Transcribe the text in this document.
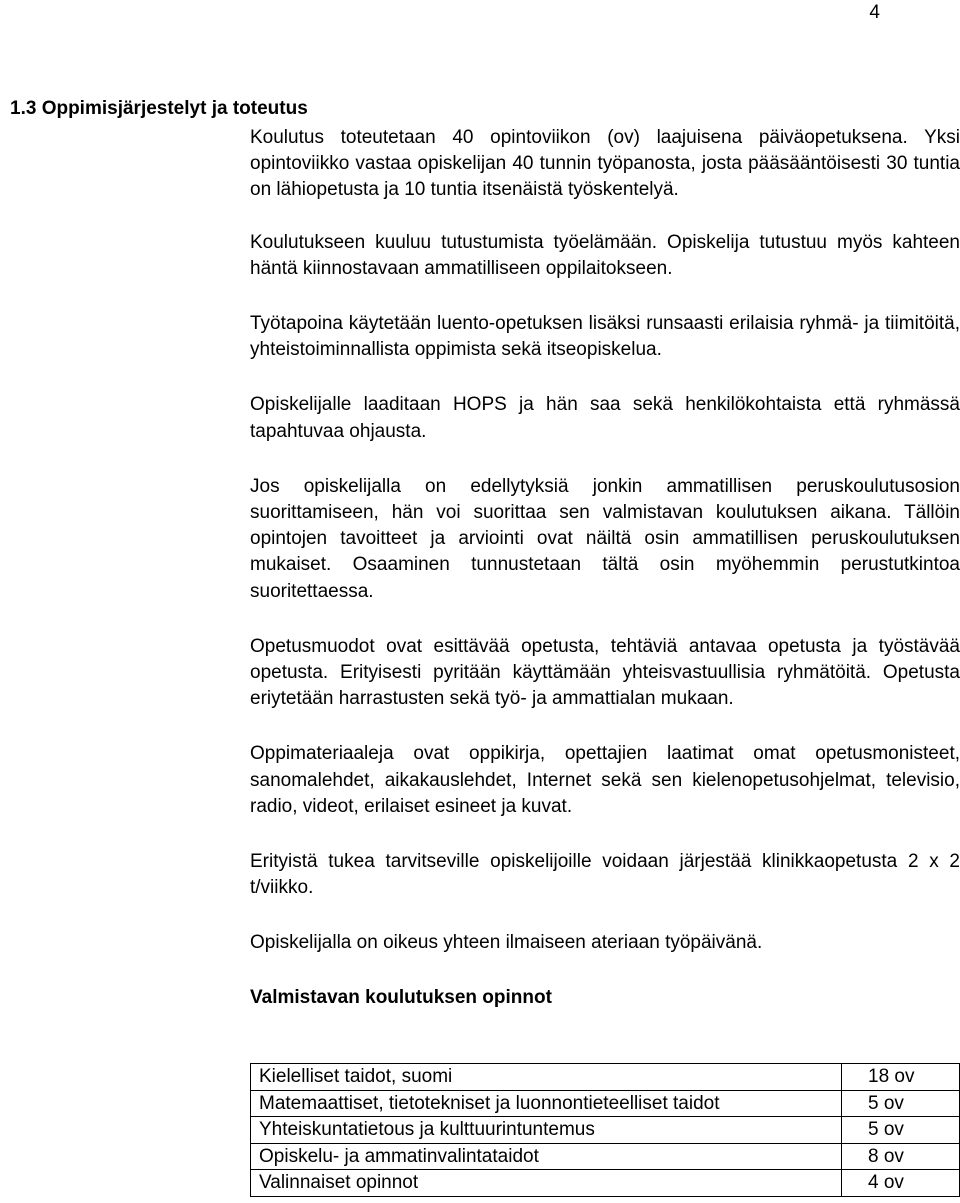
4
1.3 Oppimisjärjestelyt ja toteutus

Koulutus toteutetaan 40 opintoviikon (ov) laajuisena päiväopetuksena. Yksi opintoviikko vastaa opiskelijan 40 tunnin työpanosta, josta pääsääntöisesti 30 tuntia on lähiopetusta ja 10 tuntia itsenäistä työskentelyä.

Koulutukseen kuuluu tutustumista työelämään. Opiskelija tutustuu myös kahteen häntä kiinnostavaan ammatilliseen oppilaitokseen.

Työtapoina käytetään luento-opetuksen lisäksi runsaasti erilaisia ryhmä- ja tiimitöitä, yhteistoiminnallista oppimista sekä itseopiskelua.

Opiskelijalle laaditaan HOPS ja hän saa sekä henkilökohtaista että ryhmässä tapahtuvaa ohjausta.

Jos opiskelijalla on edellytyksiä jonkin ammatillisen peruskoulutusosion suorittamiseen, hän voi suorittaa sen valmistavan koulutuksen aikana. Tällöin opintojen tavoitteet ja arviointi ovat näiltä osin ammatillisen peruskoulutuksen mukaiset. Osaaminen tunnustetaan tältä osin myöhemmin perustutkintoa suoritettaessa.

Opetusmuodot ovat esittävää opetusta, tehtäviä antavaa opetusta ja työstävää opetusta. Erityisesti pyritään käyttämään yhteisvastuullisia ryhmätöitä. Opetusta eriytetään harrastusten sekä työ- ja ammattialan mukaan.

Oppimateriaaleja ovat oppikirja, opettajien laatimat omat opetusmonisteet, sanomalehdet, aikakauslehdet, Internet sekä sen kielenopetusohjelmat, televisio, radio, videot, erilaiset esineet ja kuvat.

Erityistä tukea tarvitseville opiskelijoille voidaan järjestää klinikkaopetusta 2 x 2 t/viikko.

Opiskelijalla on oikeus yhteen ilmaiseen ateriaan työpäivänä.

Valmistavan koulutuksen opinnot
Kielelliset taidot, suomi	18 ov
Matemaattiset, tietotekniset ja luonnontieteelliset taidot	5 ov
Yhteiskuntatietous ja kulttuurintuntemus	5 ov
Opiskelu- ja ammatinvalintataidot	8 ov
Valinnaiset opinnot	4 ov
